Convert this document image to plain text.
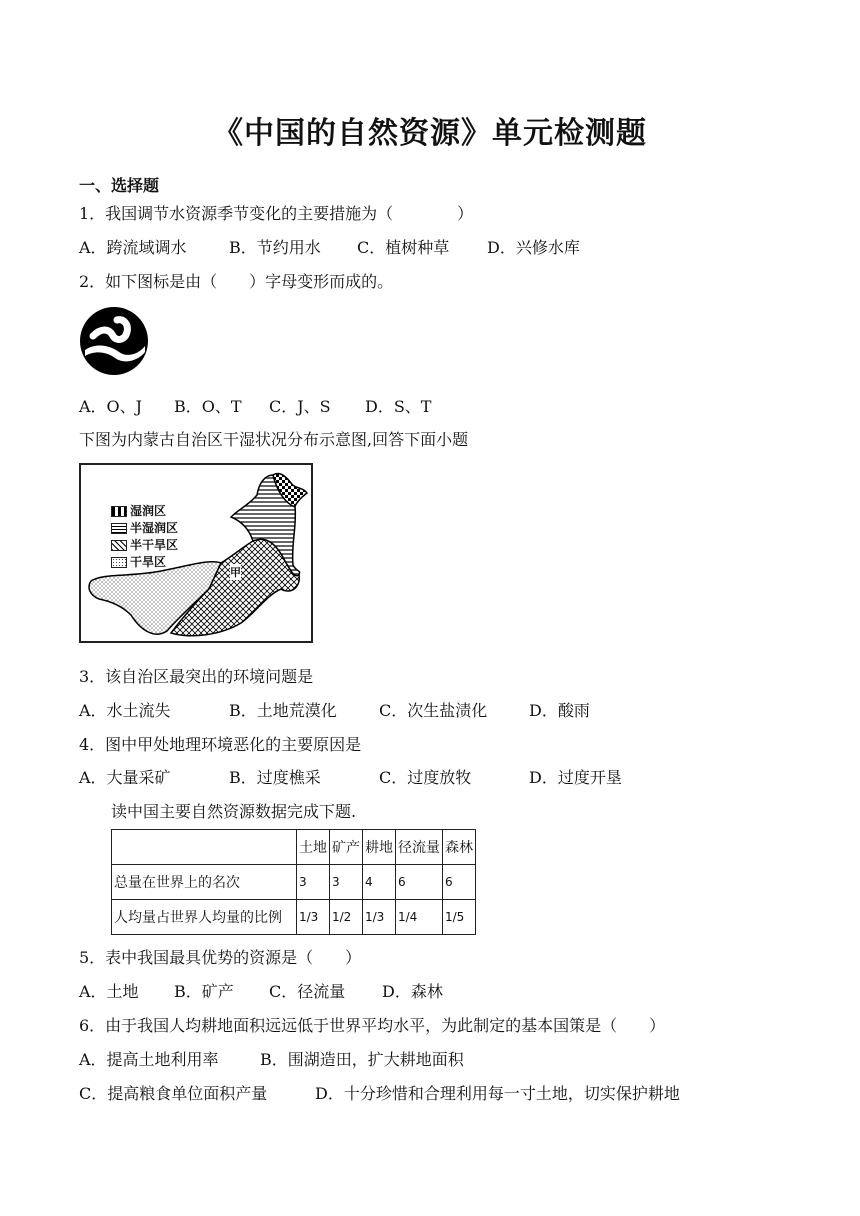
《中国的自然资源》单元检测题
一、选择题
1．我国调节水资源季节变化的主要措施为（　　　　）
A．跨流域调水	B．节约用水	C．植树种草	D．兴修水库
2．如下图标是由（　　）字母变形而成的。
A．O、J	B．O、T	C．J、S	D．S、T
下图为内蒙古自治区干湿状况分布示意图,回答下面小题
湿润区
半湿润区
半干旱区
干旱区
甲
3．该自治区最突出的环境问题是
A．水土流失	B．土地荒漠化	C．次生盐渍化	D．酸雨
4．图中甲处地理环境恶化的主要原因是
A．大量采矿	B．过度樵采	C．过度放牧	D．过度开垦
读中国主要自然资源数据完成下题.
	土地	矿产	耕地	径流量	森林
总量在世界上的名次	3	3	4	6	6
人均量占世界人均量的比例	1/3	1/2	1/3	1/4	1/5
5．表中我国最具优势的资源是（　　）
A．土地	B．矿产	C．径流量	D．森林
6．由于我国人均耕地面积远远低于世界平均水平，为此制定的基本国策是（　　）
A．提高土地利用率	B．围湖造田，扩大耕地面积
C．提高粮食单位面积产量	D．十分珍惜和合理利用每一寸土地，切实保护耕地
